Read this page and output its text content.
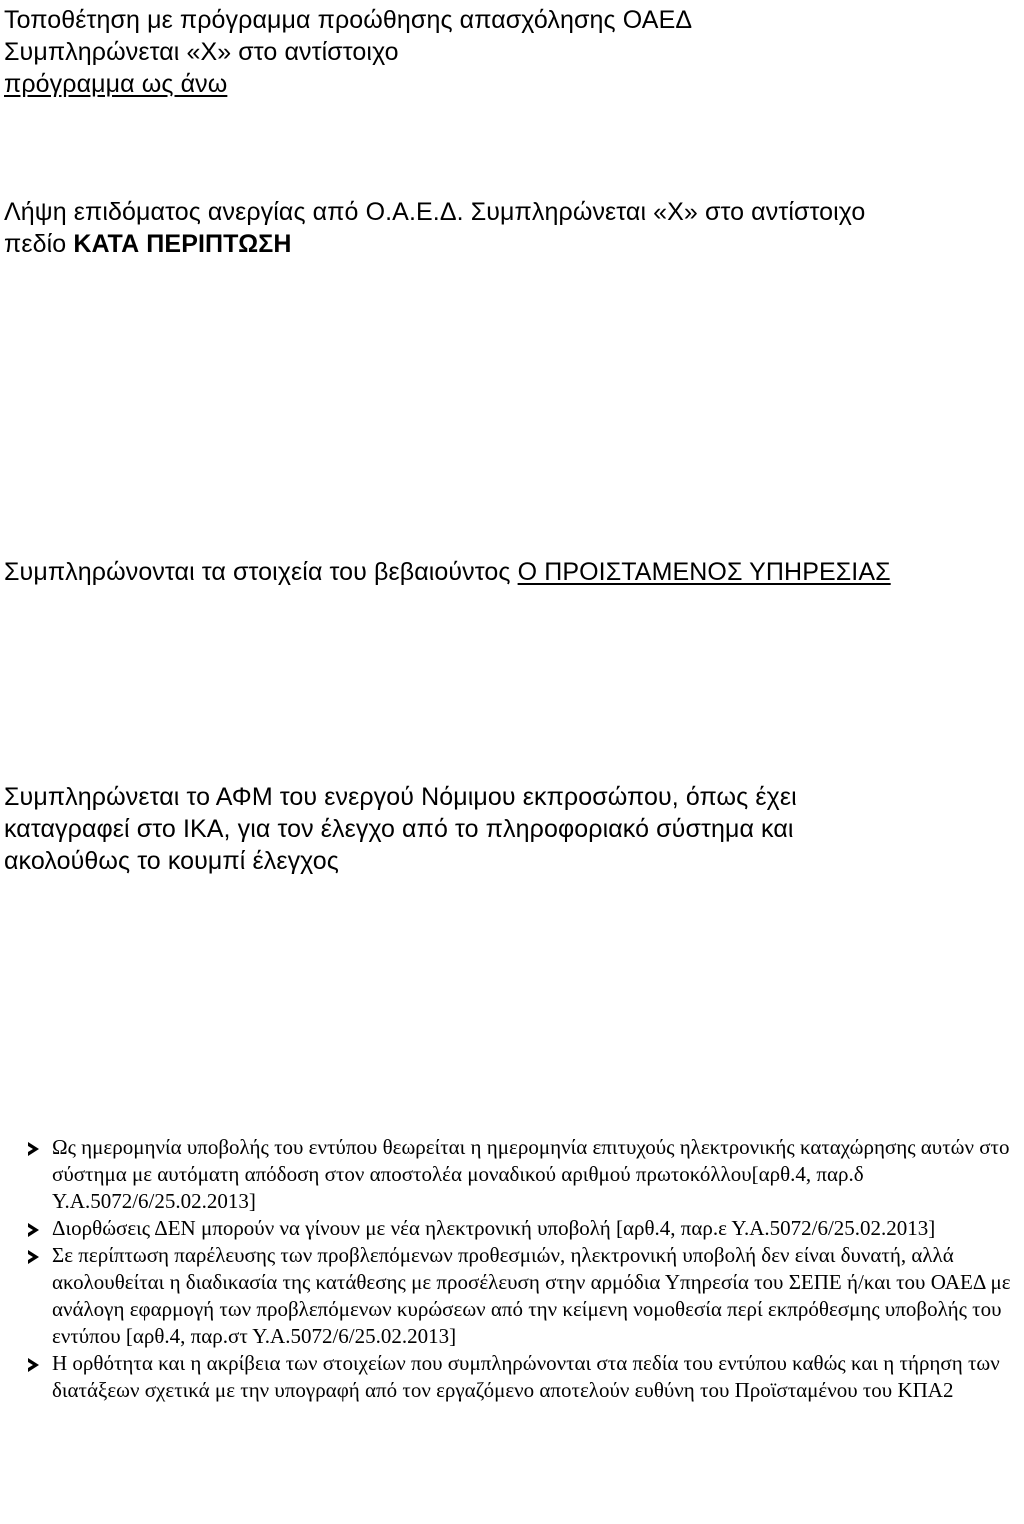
Τοποθέτηση με πρόγραμμα προώθησης απασχόλησης ΟΑΕΔ
Συμπληρώνεται «Χ» στο αντίστοιχο
πρόγραμμα ως άνω
Λήψη επιδόματος ανεργίας από Ο.Α.Ε.Δ. Συμπληρώνεται «Χ» στο αντίστοιχο
πεδίο ΚΑΤΑ ΠΕΡΙΠΤΩΣΗ
Συμπληρώνονται τα στοιχεία του βεβαιούντος Ο ΠΡΟΙΣΤΑΜΕΝΟΣ ΥΠΗΡΕΣΙΑΣ
Συμπληρώνεται το ΑΦΜ του ενεργού Νόμιμου εκπροσώπου, όπως έχει
καταγραφεί στο ΙΚΑ, για τον έλεγχο από το πληροφοριακό σύστημα και
ακολούθως το κουμπί έλεγχος
Ως ημερομηνία υποβολής του εντύπου θεωρείται η ημερομηνία επιτυχούς ηλεκτρονικής καταχώρησης αυτών στο σύστημα με αυτόματη απόδοση στον αποστολέα μοναδικού αριθμού πρωτοκόλλου[αρθ.4, παρ.δ Υ.Α.5072/6/25.02.2013]
Διορθώσεις ΔΕΝ μπορούν να γίνουν με νέα ηλεκτρονική υποβολή [αρθ.4, παρ.ε Υ.Α.5072/6/25.02.2013]
Σε περίπτωση παρέλευσης των προβλεπόμενων προθεσμιών, ηλεκτρονική υποβολή δεν είναι δυνατή, αλλά ακολουθείται η διαδικασία της κατάθεσης με προσέλευση στην αρμόδια Υπηρεσία του ΣΕΠΕ ή/και του ΟΑΕΔ με ανάλογη εφαρμογή των προβλεπόμενων κυρώσεων από την κείμενη νομοθεσία περί εκπρόθεσμης υποβολής του εντύπου [αρθ.4, παρ.στ Υ.Α.5072/6/25.02.2013]
Η ορθότητα και η ακρίβεια των στοιχείων που συμπληρώνονται στα πεδία του εντύπου καθώς και η τήρηση των διατάξεων σχετικά με την υπογραφή από τον εργαζόμενο αποτελούν ευθύνη του Προϊσταμένου του ΚΠΑ2
